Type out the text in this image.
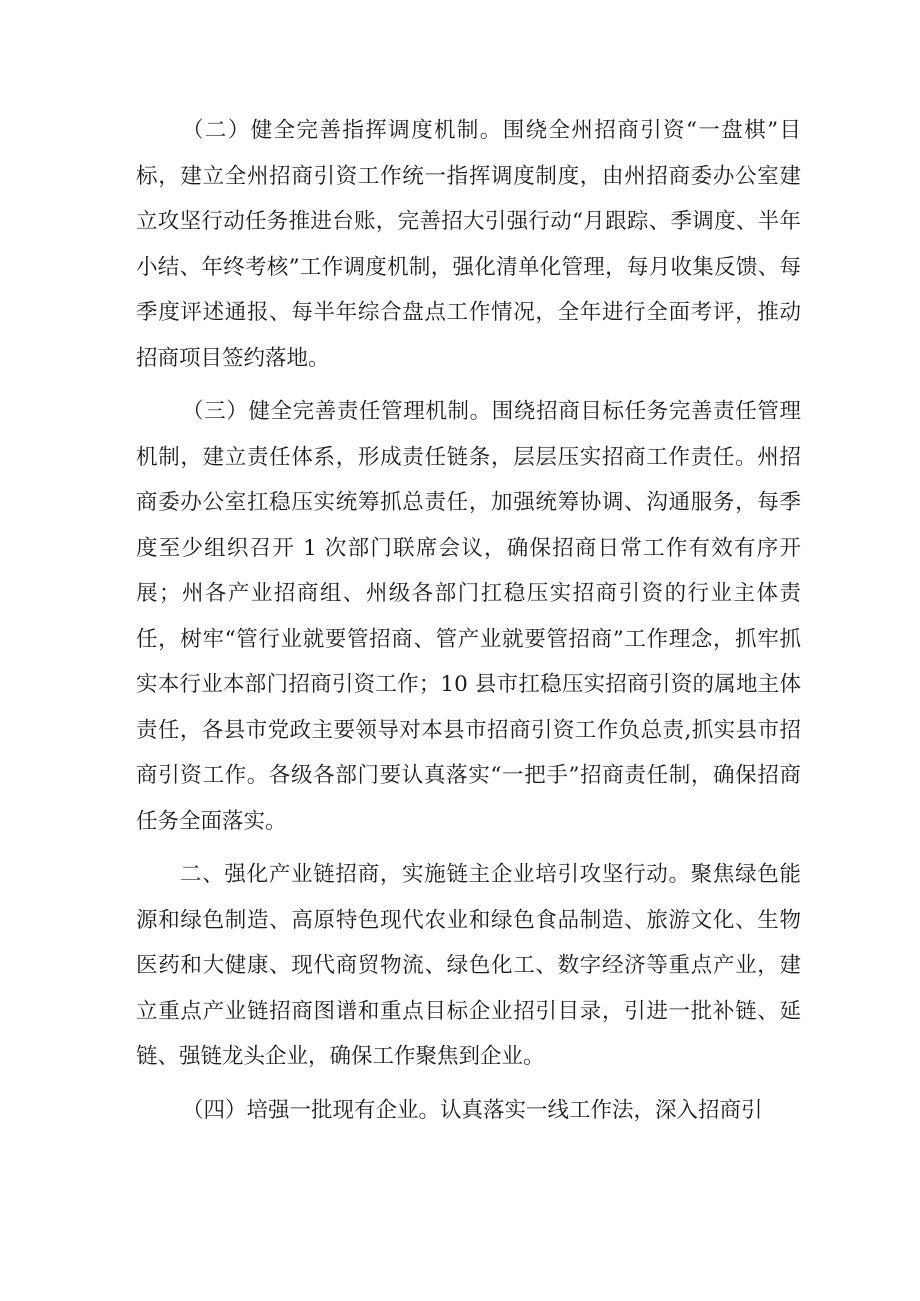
（二）健全完善指挥调度机制。围绕全州招商引资“一盘棋”目标，建立全州招商引资工作统一指挥调度制度，由州招商委办公室建立攻坚行动任务推进台账，完善招大引强行动“月跟踪、季调度、半年小结、年终考核”工作调度机制，强化清单化管理，每月收集反馈、每季度评述通报、每半年综合盘点工作情况，全年进行全面考评，推动招商项目签约落地。

（三）健全完善责任管理机制。围绕招商目标任务完善责任管理机制，建立责任体系，形成责任链条，层层压实招商工作责任。州招商委办公室扛稳压实统筹抓总责任，加强统筹协调、沟通服务，每季度至少组织召开 1 次部门联席会议，确保招商日常工作有效有序开展；州各产业招商组、州级各部门扛稳压实招商引资的行业主体责任，树牢“管行业就要管招商、管产业就要管招商”工作理念，抓牢抓实本行业本部门招商引资工作；10 县市扛稳压实招商引资的属地主体责任，各县市党政主要领导对本县市招商引资工作负总责,抓实县市招商引资工作。各级各部门要认真落实“一把手”招商责任制，确保招商任务全面落实。

二、强化产业链招商，实施链主企业培引攻坚行动。聚焦绿色能源和绿色制造、高原特色现代农业和绿色食品制造、旅游文化、生物医药和大健康、现代商贸物流、绿色化工、数字经济等重点产业，建立重点产业链招商图谱和重点目标企业招引目录，引进一批补链、延链、强链龙头企业，确保工作聚焦到企业。

（四）培强一批现有企业。认真落实一线工作法，深入招商引
